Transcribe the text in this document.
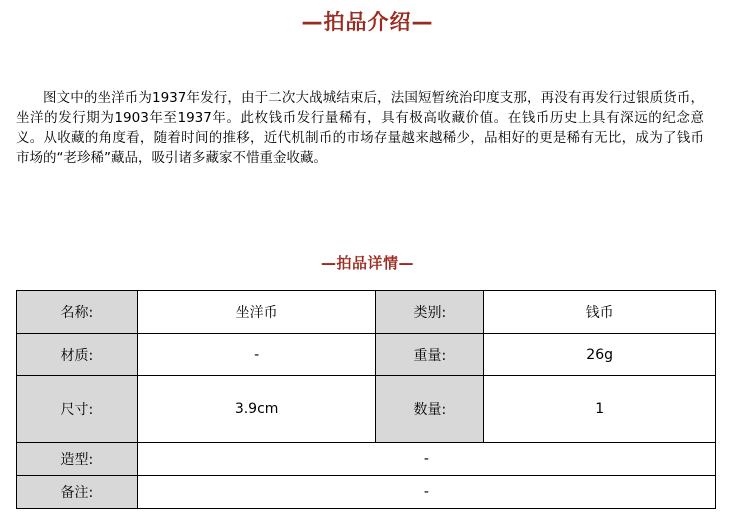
—拍品介绍—

图文中的坐洋币为1937年发行，由于二次大战城结束后，法国短暂统治印度支那，再没有再发行过银质货币，坐洋的发行期为1903年至1937年。此枚钱币发行量稀有，具有极高收藏价值。在钱币历史上具有深远的纪念意义。从收藏的角度看，随着时间的推移，近代机制币的市场存量越来越稀少，品相好的更是稀有无比，成为了钱币市场的“老珍稀”藏品，吸引诸多藏家不惜重金收藏。

—拍品详情—
名称:	坐洋币	类别:	钱币
材质:	-	重量:	26g
尺寸:	3.9cm	数量:	1
造型:	-		
备注:	-		
